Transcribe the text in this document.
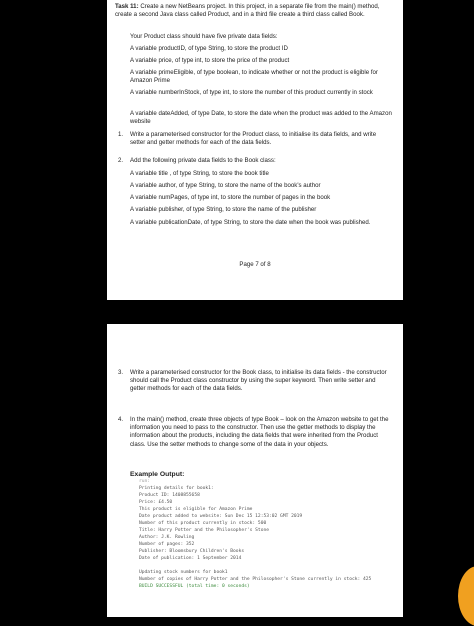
Task 11: Create a new NetBeans project. In this project, in a separate file from the main() method, create a second Java class called Product, and in a third file create a third class called Book.
Your Product class should have five private data fields:
A variable productID, of type String, to store the product ID
A variable price, of type int, to store the price of the product
A variable primeEligible, of type boolean, to indicate whether or not the product is eligible for Amazon Prime
A variable numberInStock, of type int, to store the number of this product currently in stock
A variable dateAdded, of type Date, to store the date when the product was added to the Amazon website
1.	Write a parameterised constructor for the Product class, to initialise its data fields, and write setter and getter methods for each of the data fields.
2.	Add the following private data fields to the Book class:
A variable title , of type String, to store the book title
A variable author, of type String, to store the name of the book's author
A variable numPages, of type int, to store the number of pages in the book
A variable publisher, of type String, to store the name of the publisher
A variable publicationDate, of type String, to store the date when the book was published.
Page 7 of 8
3.	Write a parameterised constructor for the Book class, to initialise its data fields - the constructor should call the Product class constructor by using the super keyword. Then write setter and getter methods for each of the data fields.
4.	In the main() method, create three objects of type Book – look on the Amazon website to get the information you need to pass to the constructor. Then use the getter methods to display the information about the products, including the data fields that were inherited from the Product class. Use the setter methods to change some of the data in your objects.
Example Output:
run:
Printing details for book1:
Product ID: 1408855658
Price: £4.50
This product is eligible for Amazon Prime
Date product added to website: Sun Dec 15 12:53:02 GMT 2019
Number of this product currently in stock: 500
Title: Harry Potter and the Philosopher's Stone
Author: J.K. Rowling
Number of pages: 352
Publisher: Bloomsbury Children's Books
Date of publication: 1 September 2014
Updating stock numbers for book1
Number of copies of Harry Potter and the Philosopher's Stone currently in stock: 425
BUILD SUCCESSFUL (total time: 0 seconds)
